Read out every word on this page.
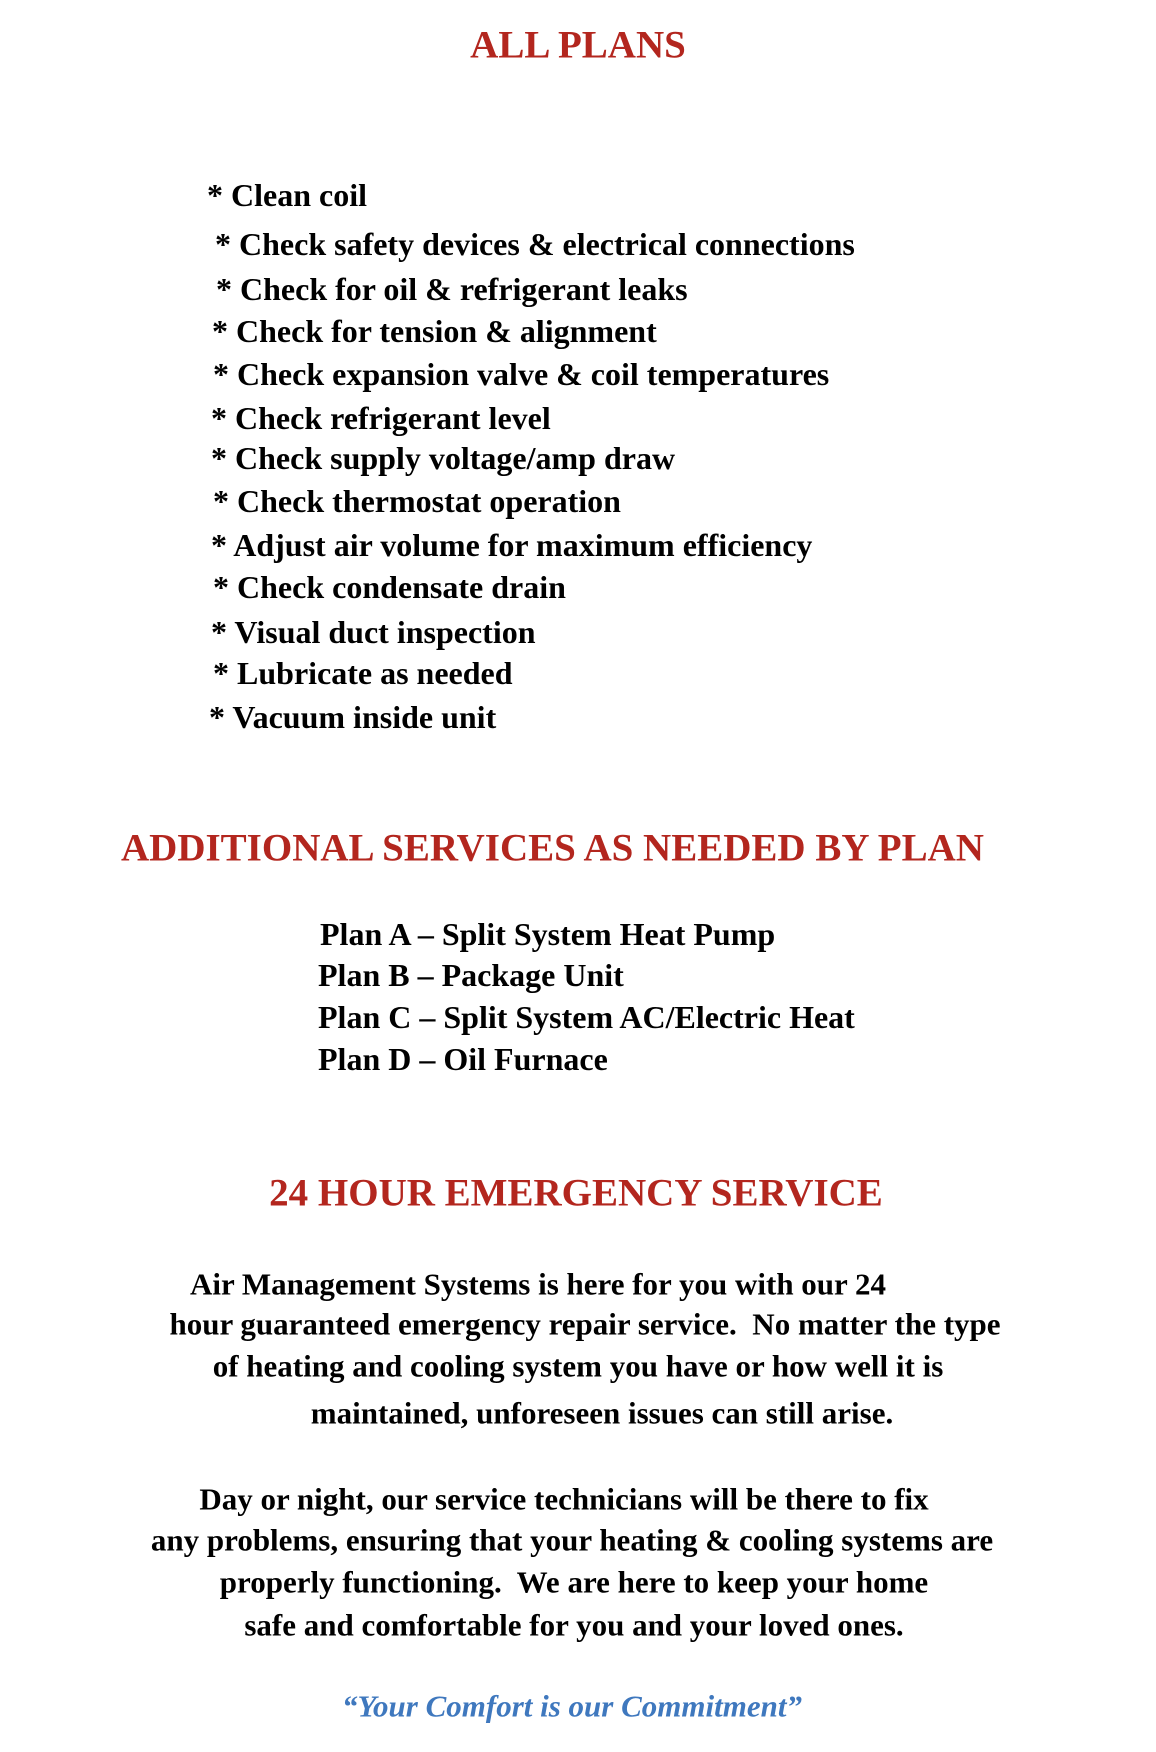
ALL PLANS
* Clean coil
* Check safety devices & electrical connections
* Check for oil & refrigerant leaks
* Check for tension & alignment
* Check expansion valve & coil temperatures
* Check refrigerant level
* Check supply voltage/amp draw
* Check thermostat operation
* Adjust air volume for maximum efficiency
* Check condensate drain
* Visual duct inspection
* Lubricate as needed
* Vacuum inside unit
ADDITIONAL SERVICES AS NEEDED BY PLAN
Plan A – Split System Heat Pump
Plan B – Package Unit
Plan C – Split System AC/Electric Heat
Plan D – Oil Furnace
24 HOUR EMERGENCY SERVICE
Air Management Systems is here for you with our 24
hour guaranteed emergency repair service.  No matter the type
of heating and cooling system you have or how well it is
maintained, unforeseen issues can still arise.
Day or night, our service technicians will be there to fix
any problems, ensuring that your heating & cooling systems are
properly functioning.  We are here to keep your home
safe and comfortable for you and your loved ones.
“Your Comfort is our Commitment”
